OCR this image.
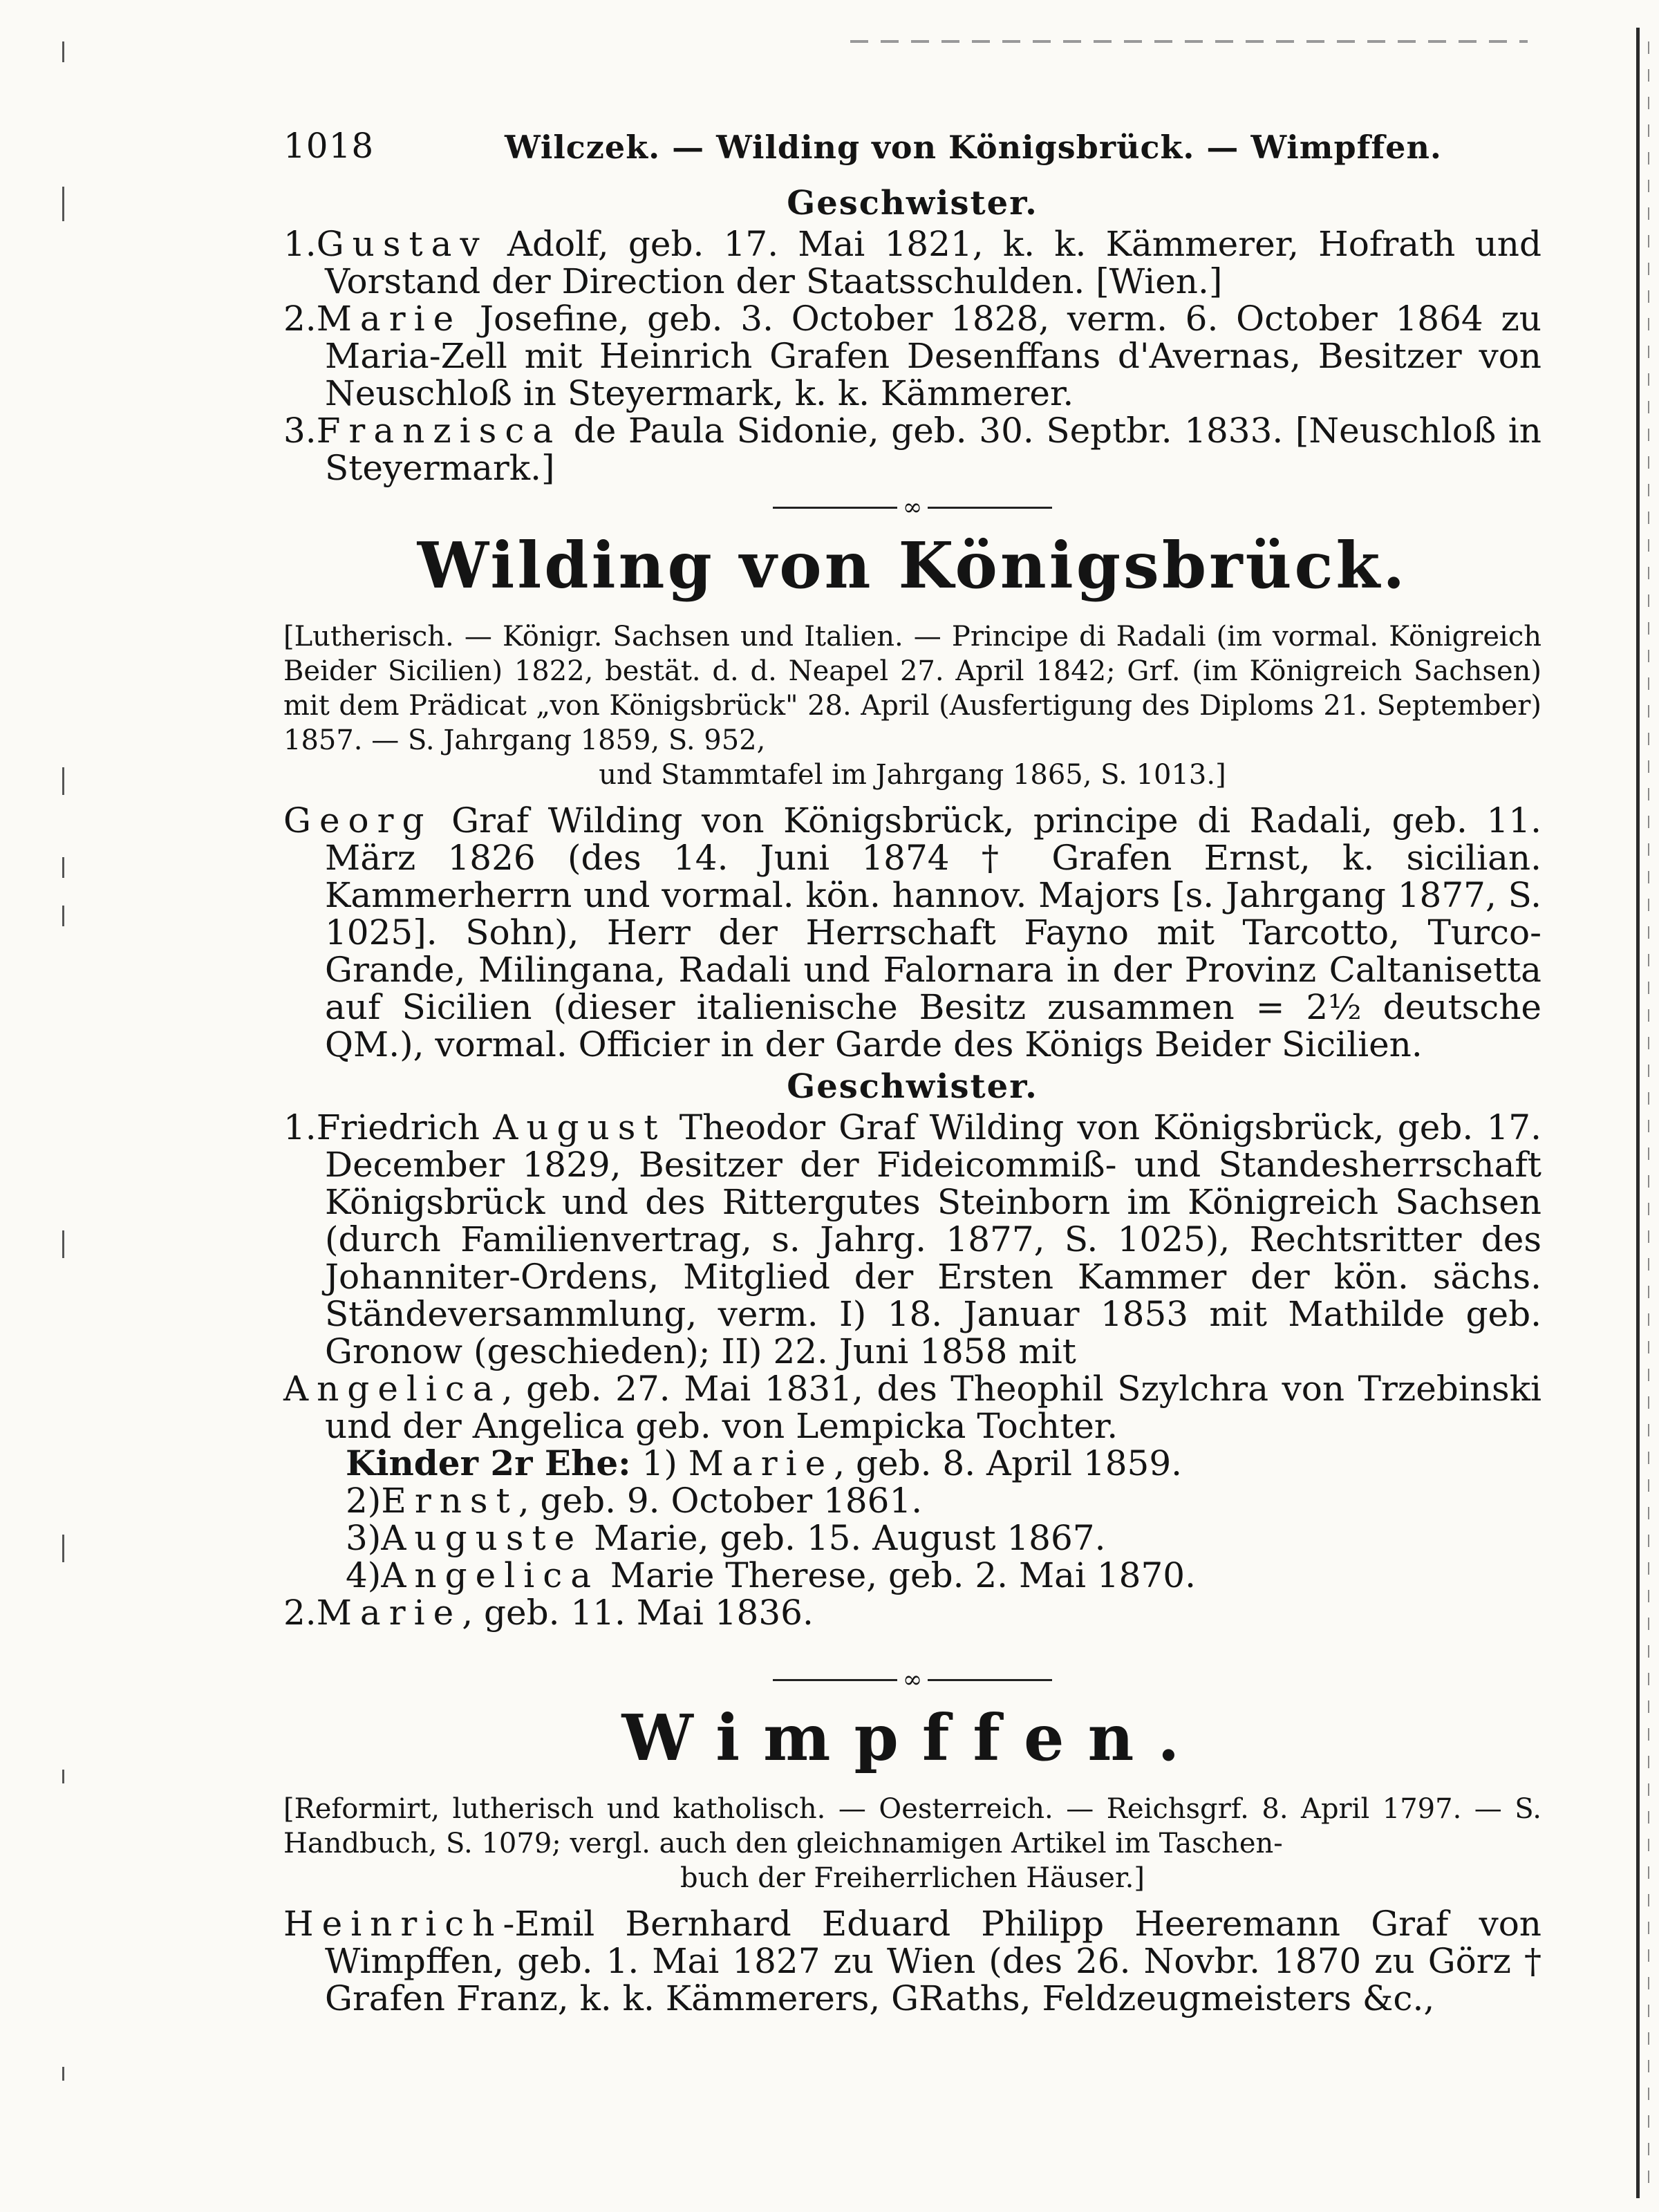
1018	Wilczek. — Wilding von Königsbrück. — Wimpffen.
Geschwister.

1.Gustav Adolf, geb. 17. Mai 1821, k. k. Kämmerer, Hofrath und Vorstand der Direction der Staatsschulden. [Wien.]

2.Marie Josefine, geb. 3. October 1828, verm. 6. October 1864 zu Maria-Zell mit Heinrich Grafen Desenffans d'Avernas, Besitzer von Neuschloß in Steyermark, k. k. Kämmerer.

3.Franzisca de Paula Sidonie, geb. 30. Septbr. 1833. [Neuschloß in Steyermark.]

∞
Wilding von Königsbrück.

[Lutherisch. — Königr. Sachsen und Italien. — Principe di Radali (im vormal. Königreich Beider Sicilien) 1822, bestät. d. d. Neapel 27. April 1842; Grf. (im Königreich Sachsen) mit dem Prädicat „von Königsbrück" 28. April (Ausfertigung des Diploms 21. September) 1857. — S. Jahrgang 1859, S. 952,
und Stammtafel im Jahrgang 1865, S. 1013.]

Georg Graf Wilding von Königsbrück, principe di Radali, geb. 11. März 1826 (des 14. Juni 1874 † Grafen Ernst, k. sicilian. Kammerherrn und vormal. kön. hannov. Majors [s. Jahrgang 1877, S. 1025]. Sohn), Herr der Herrschaft Fayno mit Tarcotto, Turco-Grande, Milingana, Radali und Falornara in der Provinz Caltanisetta auf Sicilien (dieser italienische Besitz zusammen = 2½ deutsche QM.), vormal. Officier in der Garde des Königs Beider Sicilien.

Geschwister.

1.Friedrich August Theodor Graf Wilding von Königsbrück, geb. 17. December 1829, Besitzer der Fideicommiß- und Standesherrschaft Königsbrück und des Rittergutes Steinborn im Königreich Sachsen (durch Familienvertrag, s. Jahrg. 1877, S. 1025), Rechtsritter des Johanniter-Ordens, Mitglied der Ersten Kammer der kön. sächs. Ständeversammlung, verm. I) 18. Januar 1853 mit Mathilde geb. Gronow (geschieden); II) 22. Juni 1858 mit

Angelica, geb. 27. Mai 1831, des Theophil Szylchra von Trzebinski und der Angelica geb. von Lempicka Tochter.

Kinder 2r Ehe: 1) Marie, geb. 8. April 1859.
2)Ernst, geb. 9. October 1861.
3)Auguste Marie, geb. 15. August 1867.
4)Angelica Marie Therese, geb. 2. Mai 1870.

2.Marie, geb. 11. Mai 1836.

∞
Wimpffen.

[Reformirt, lutherisch und katholisch. — Oesterreich. — Reichsgrf. 8. April 1797. — S. Handbuch, S. 1079; vergl. auch den gleichnamigen Artikel im Taschen-
buch der Freiherrlichen Häuser.]

Heinrich-Emil Bernhard Eduard Philipp Heeremann Graf von Wimpffen, geb. 1. Mai 1827 zu Wien (des 26. Novbr. 1870 zu Görz † Grafen Franz, k. k. Kämmerers, GRaths, Feldzeugmeisters &c.,
